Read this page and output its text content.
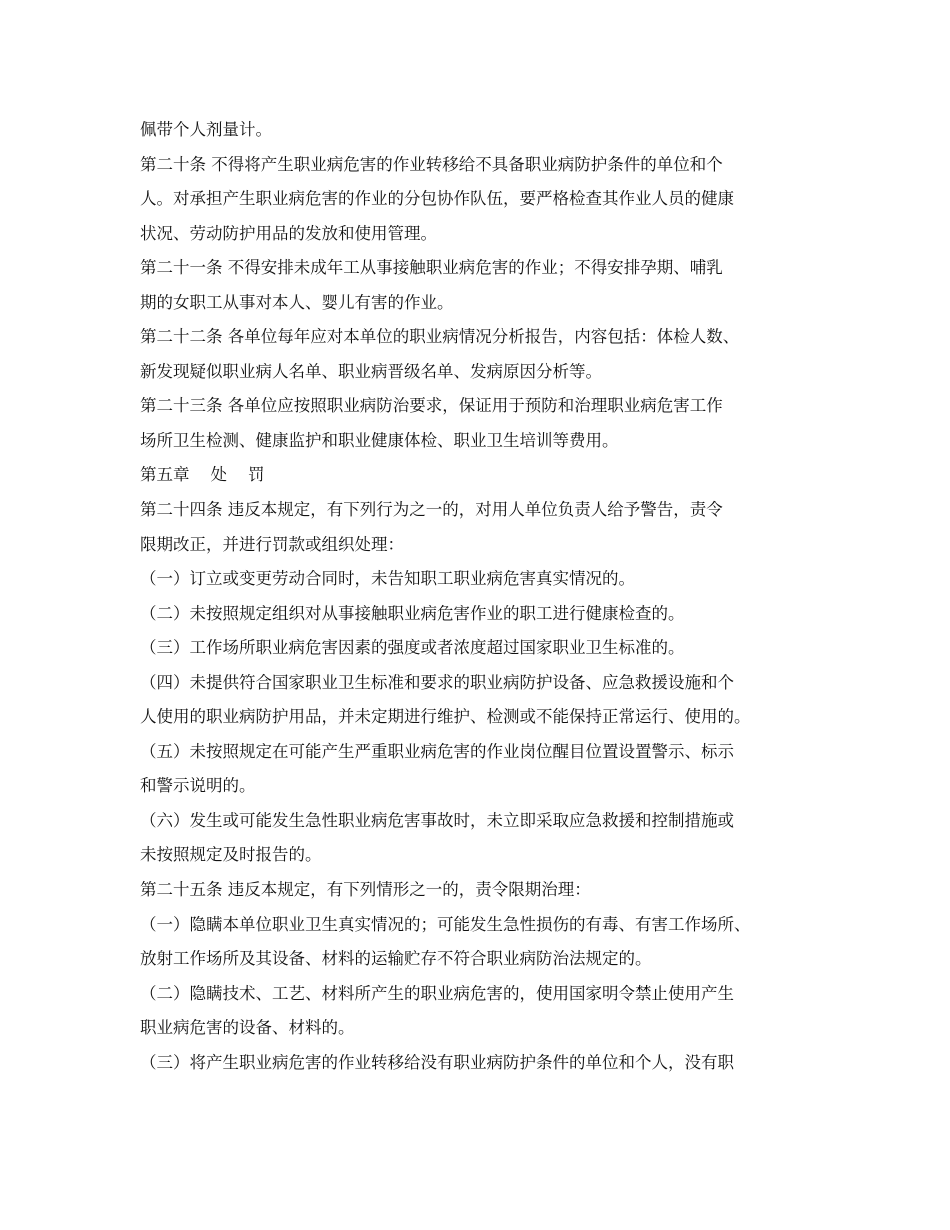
佩带个人剂量计。
第二十条 不得将产生职业病危害的作业转移给不具备职业病防护条件的单位和个
人。对承担产生职业病危害的作业的分包协作队伍，要严格检查其作业人员的健康
状况、劳动防护用品的发放和使用管理。
第二十一条 不得安排未成年工从事接触职业病危害的作业；不得安排孕期、哺乳
期的女职工从事对本人、婴儿有害的作业。
第二十二条 各单位每年应对本单位的职业病情况分析报告，内容包括：体检人数、
新发现疑似职业病人名单、职业病晋级名单、发病原因分析等。
第二十三条 各单位应按照职业病防治要求，保证用于预防和治理职业病危害工作
场所卫生检测、健康监护和职业健康体检、职业卫生培训等费用。
第五章    处    罚
第二十四条 违反本规定，有下列行为之一的，对用人单位负责人给予警告，责令
限期改正，并进行罚款或组织处理：
（一）订立或变更劳动合同时，未告知职工职业病危害真实情况的。
（二）未按照规定组织对从事接触职业病危害作业的职工进行健康检查的。
（三）工作场所职业病危害因素的强度或者浓度超过国家职业卫生标准的。
（四）未提供符合国家职业卫生标准和要求的职业病防护设备、应急救援设施和个
人使用的职业病防护用品，并未定期进行维护、检测或不能保持正常运行、使用的。
（五）未按照规定在可能产生严重职业病危害的作业岗位醒目位置设置警示、标示
和警示说明的。
（六）发生或可能发生急性职业病危害事故时，未立即采取应急救援和控制措施或
未按照规定及时报告的。
第二十五条 违反本规定，有下列情形之一的，责令限期治理：
（一）隐瞒本单位职业卫生真实情况的；可能发生急性损伤的有毒、有害工作场所、
放射工作场所及其设备、材料的运输贮存不符合职业病防治法规定的。
（二）隐瞒技术、工艺、材料所产生的职业病危害的，使用国家明令禁止使用产生
职业病危害的设备、材料的。
（三）将产生职业病危害的作业转移给没有职业病防护条件的单位和个人，没有职
